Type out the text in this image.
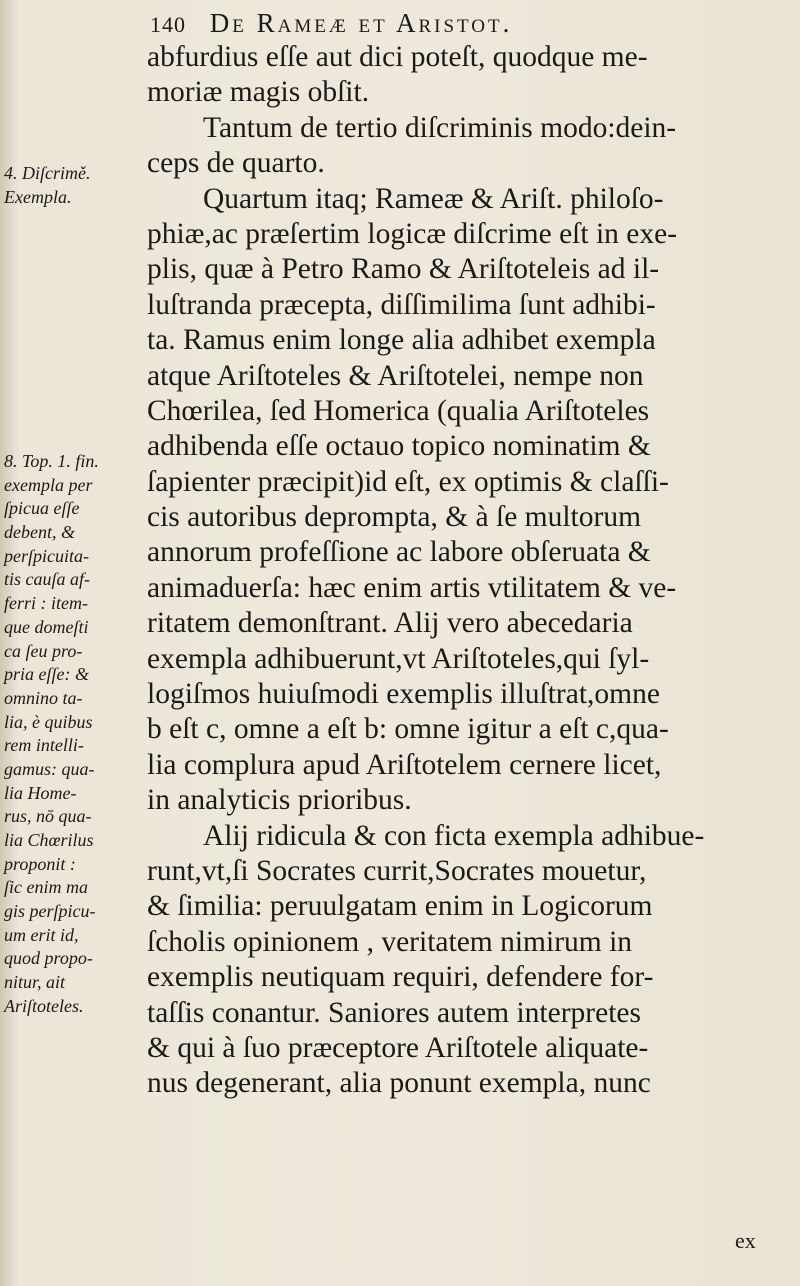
140 De Rameæ et Aristot.
abfurdius eſſe aut dici poteſt, quodque me-
moriæ magis obſit.
Tantum de tertio diſcriminis modo:dein-
ceps de quarto.
Quartum itaq; Rameæ & Ariſt. philoſo-
phiæ,ac præſertim logicæ diſcrime eſt in exe-
plis, quæ à Petro Ramo & Ariſtoteleis ad il-
luſtranda præcepta, diſſimilima ſunt adhibi-
ta. Ramus enim longe alia adhibet exempla
atque Ariſtoteles & Ariſtotelei, nempe non
Chœrilea, ſed Homerica (qualia Ariſtoteles
adhibenda eſſe octauo topico nominatim &
ſapienter præcipit)id eſt, ex optimis & claſſi-
cis autoribus deprompta, & à ſe multorum
annorum profeſſione ac labore obſeruata &
animaduerſa: hæc enim artis vtilitatem & ve-
ritatem demonſtrant. Alij vero abecedaria
exempla adhibuerunt,vt Ariſtoteles,qui ſyl-
logiſmos huiuſmodi exemplis illuſtrat,omne
b eſt c, omne a eſt b: omne igitur a eſt c,qua-
lia complura apud Ariſtotelem cernere licet,
in analyticis prioribus.
Alij ridicula & con ficta exempla adhibue-
runt,vt,ſi Socrates currit,Socrates mouetur,
& ſimilia: peruulgatam enim in Logicorum
ſcholis opinionem , veritatem nimirum in
exemplis neutiquam requiri, defendere for-
taſſis conantur. Saniores autem interpretes
& qui à ſuo præceptore Ariſtotele aliquate-
nus degenerant, alia ponunt exempla, nunc
4. Diſcrimě.
Exempla.
8. Top. 1. fin.
exempla per
ſpicua eſſe
debent, &
perſpicuita-
tis cauſa af-
ferri : item-
que domeſti
ca ſeu pro-
pria eſſe: &
omnino ta-
lia, è quibus
rem intelli-
gamus: qua-
lia Home-
rus, nō qua-
lia Chœrilus
proponit :
ſic enim ma
gis perſpicu-
um erit id,
quod propo-
nitur, ait
Ariſtoteles.
ex
